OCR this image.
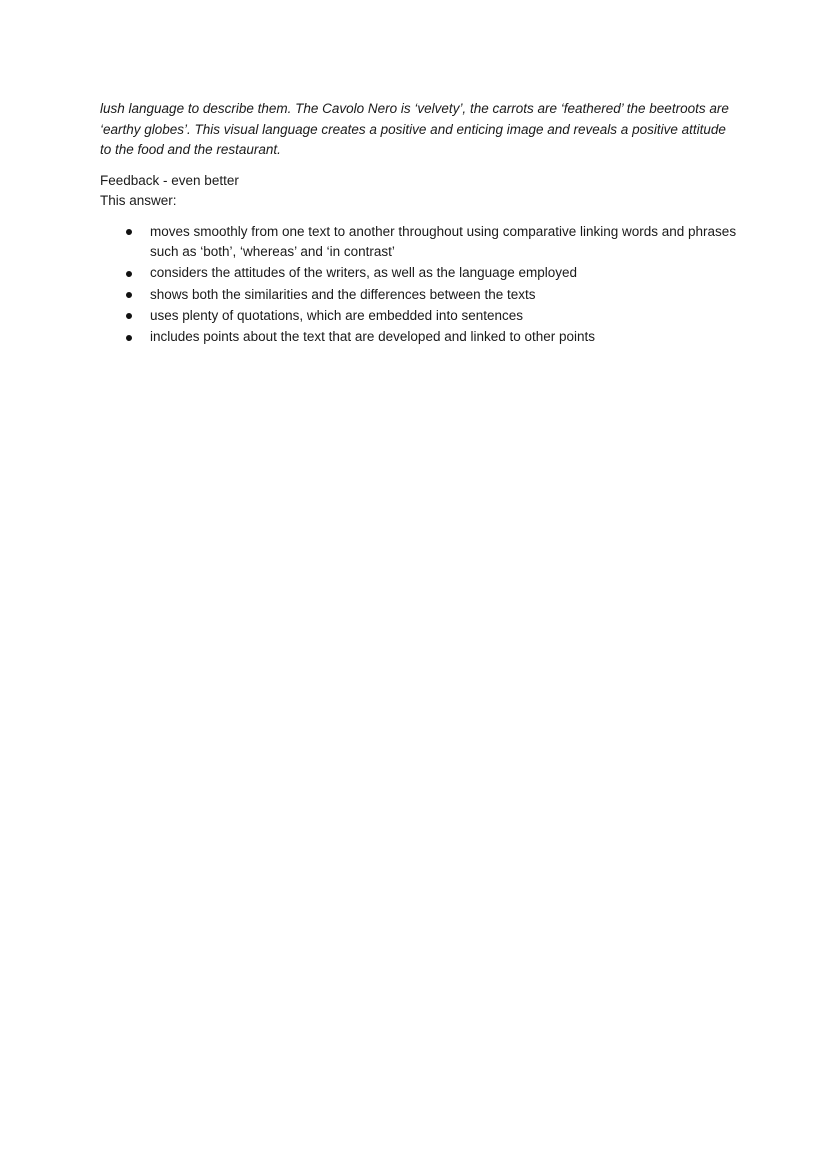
lush language to describe them. The Cavolo Nero is ‘velvety’, the carrots are ‘feathered’ the beetroots are ‘earthy globes’. This visual language creates a positive and enticing image and reveals a positive attitude to the food and the restaurant.

Feedback - even better

This answer:

moves smoothly from one text to another throughout using comparative linking words and phrases such as ‘both’, ‘whereas’ and ‘in contrast’
considers the attitudes of the writers, as well as the language employed
shows both the similarities and the differences between the texts
uses plenty of quotations, which are embedded into sentences
includes points about the text that are developed and linked to other points
